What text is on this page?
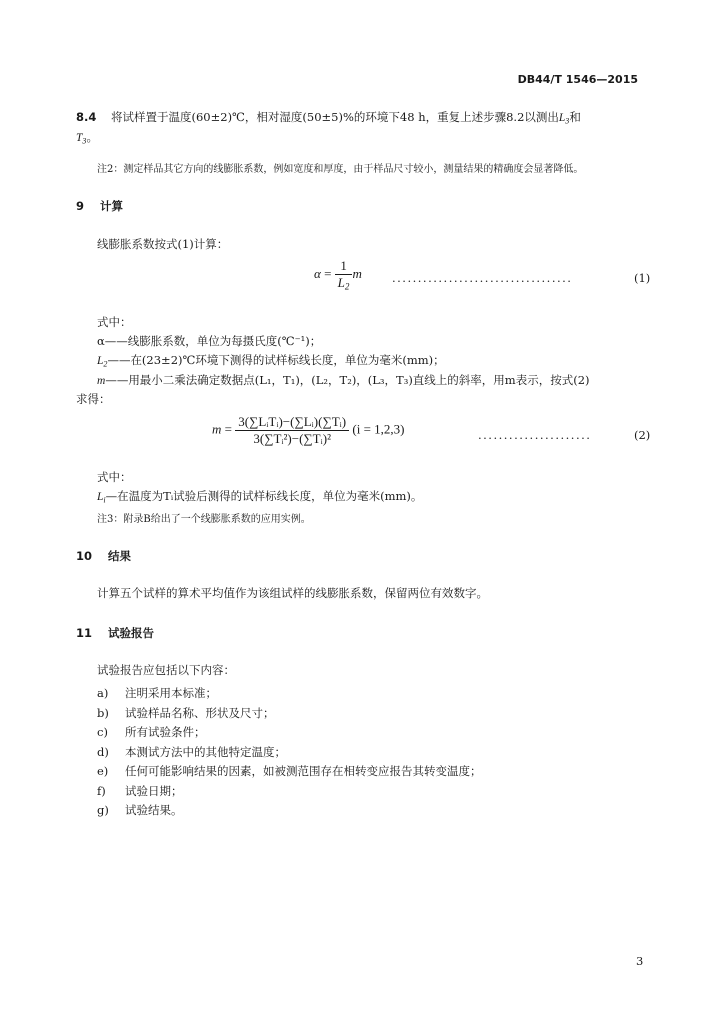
DB44/T 1546—2015
8.4 将试样置于温度(60±2)℃，相对湿度(50±5)%的环境下48 h，重复上述步骤8.2以测出$L_3$和
$T_3$。
注2：测定样品其它方向的线膨胀系数，例如宽度和厚度，由于样品尺寸较小，测量结果的精确度会显著降低。
9 计算
线膨胀系数按式(1)计算：
$\alpha = \frac{1}{L_2}$ m	...................................	(1)
式中：
α——线膨胀系数，单位为每摄氏度(℃⁻¹)；
$L_2——$在(23±2)℃环境下测得的试样标线长度，单位为毫米(mm)；
m——用最小二乘法确定数据点(L₁，T₁)，(L₂，T₂)，(L₃，T₃)直线上的斜率，用m表示，按式(2)
求得：
$m = \frac{\text{3(∑LᵢTᵢ)−(∑Lᵢ)(∑Tᵢ)}}{\text{3(∑Tᵢ²)−(∑Tᵢ)²}} (i = 1,2,3)$	......................	(2)
式中：
$L_i—$在温度为Tᵢ试验后测得的试样标线长度，单位为毫米(mm)。
注3：附录B给出了一个线膨胀系数的应用实例。
10 结果
计算五个试样的算术平均值作为该组试样的线膨胀系数，保留两位有效数字。
11 试验报告
试验报告应包括以下内容：
a) 注明采用本标准；
b) 试验样品名称、形状及尺寸；
c) 所有试验条件；
d) 本测试方法中的其他特定温度；
e) 任何可能影响结果的因素，如被测范围存在相转变应报告其转变温度；
f) 试验日期；
g) 试验结果。
3
